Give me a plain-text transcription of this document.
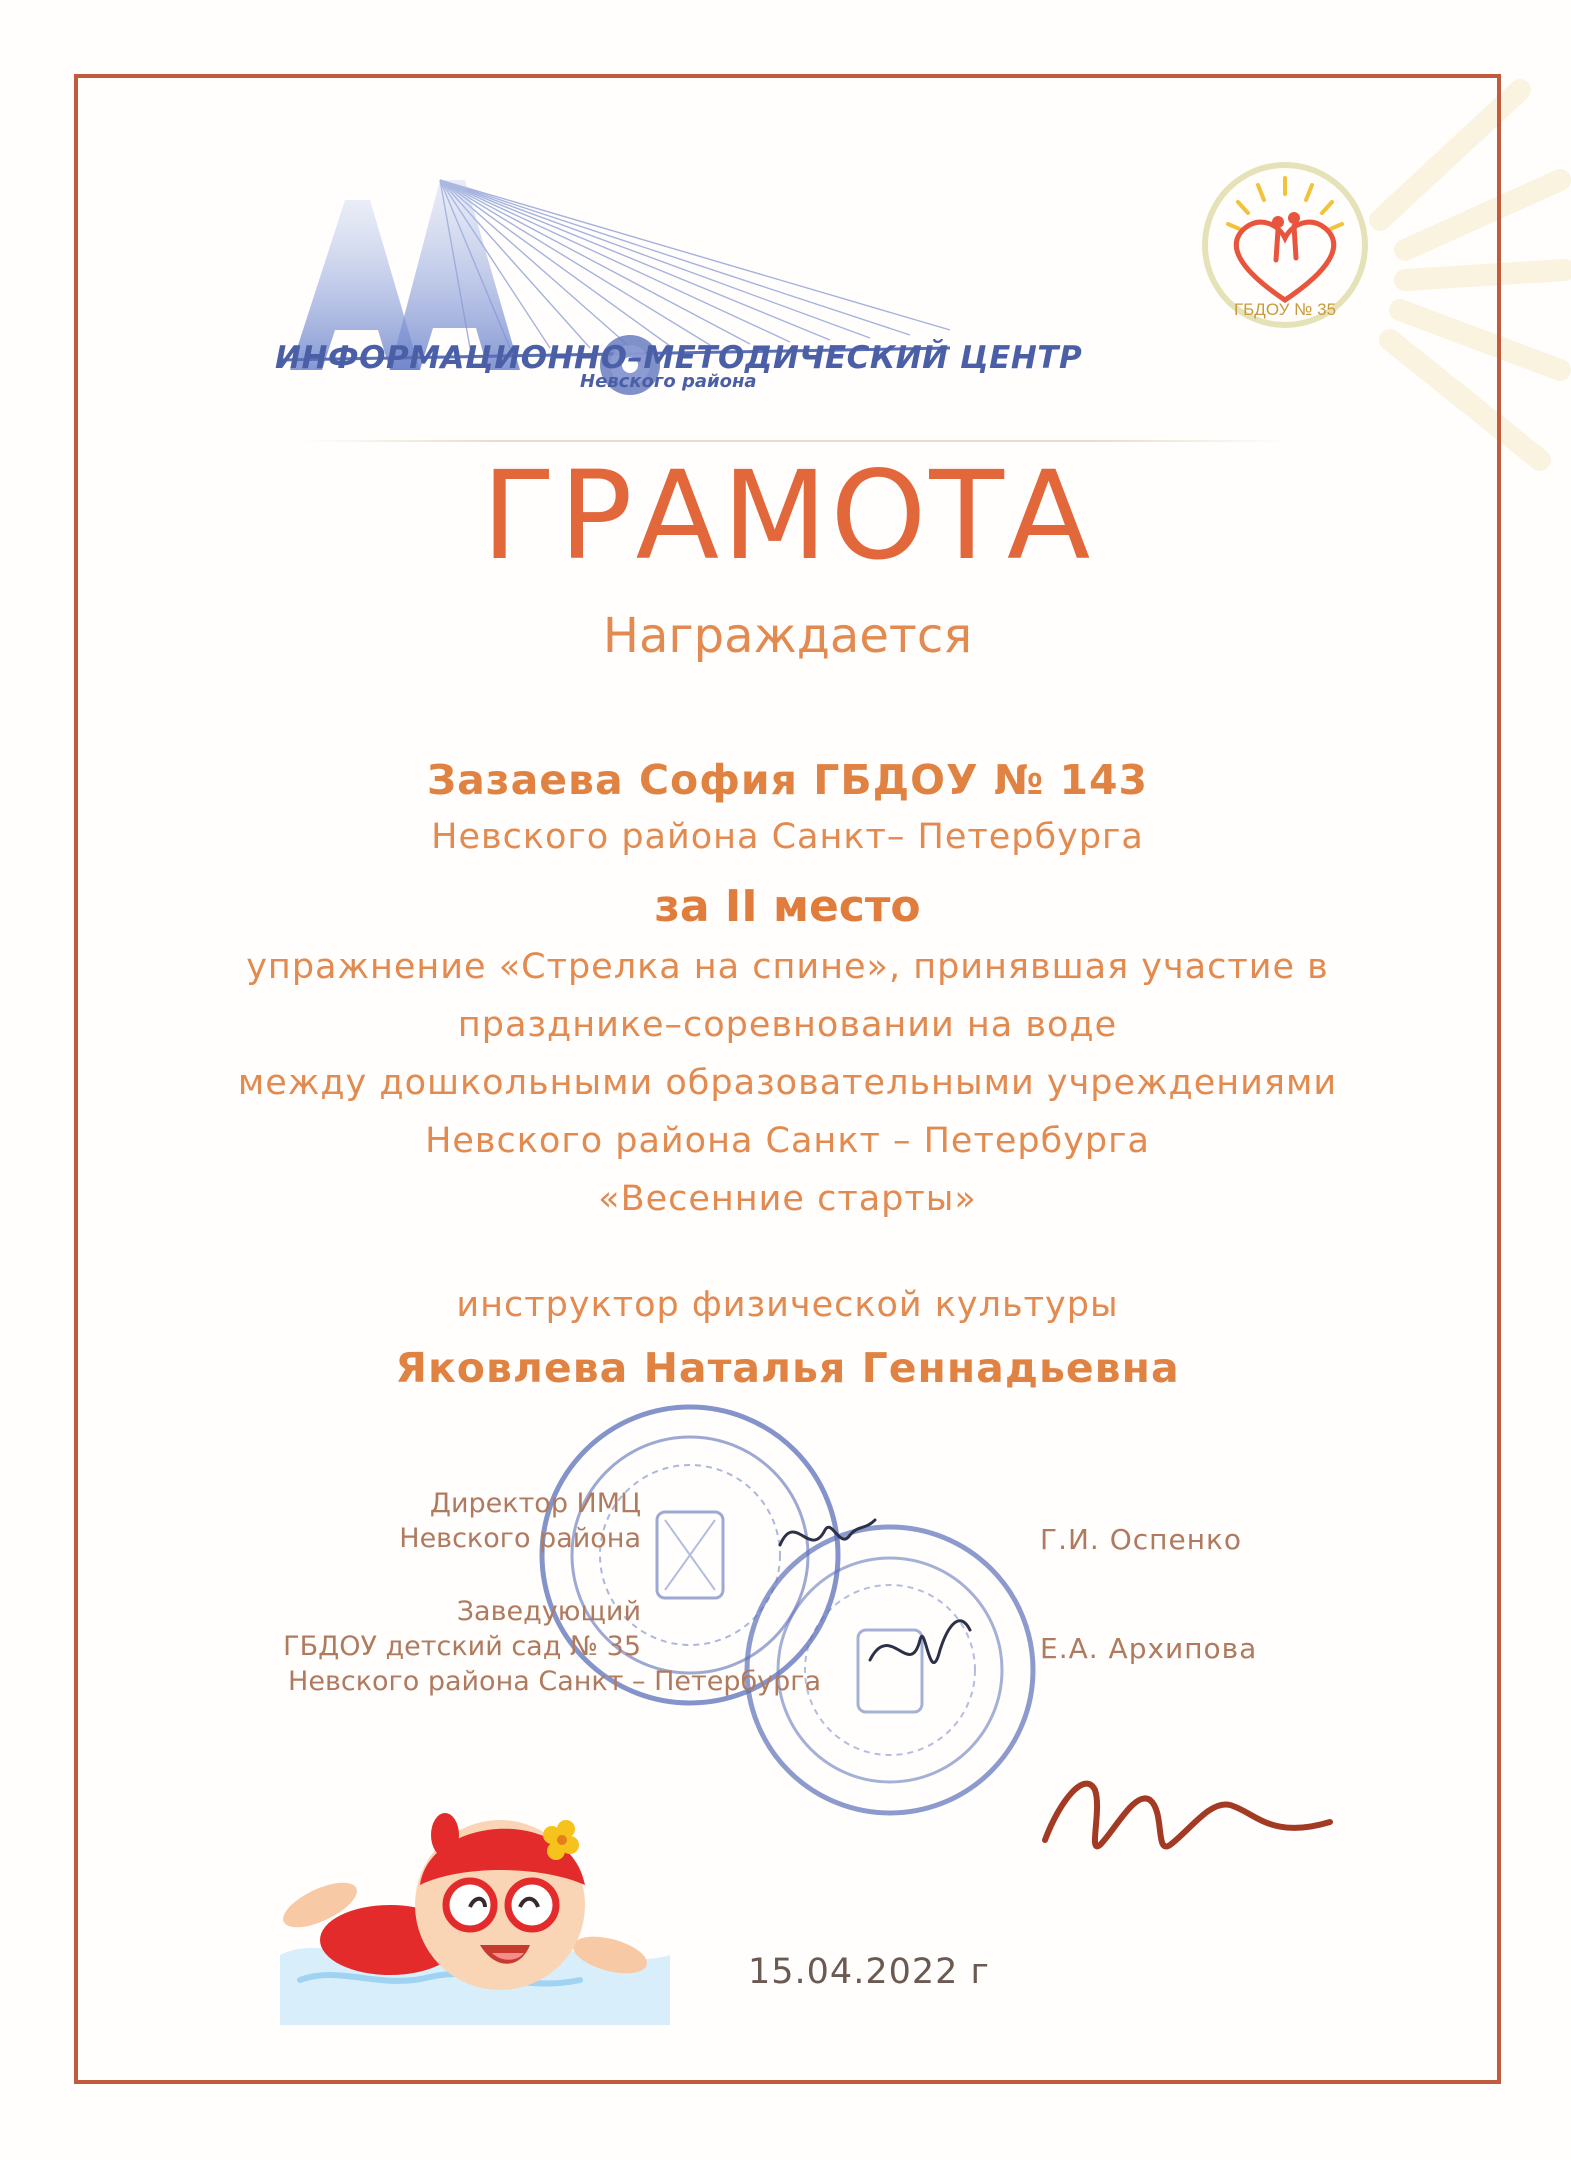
ИНФОРМАЦИОННО–МЕТОДИЧЕСКИЙ ЦЕНТР
Невского района
ГБДОУ № 35
ГРАМОТА
Награждается
Зазаева София ГБДОУ № 143
Невского района Санкт– Петербурга
за II место
упражнение «Стрелка на спине», принявшая участие в
празднике–соревновании на воде
между дошкольными образовательными учреждениями
Невского района Санкт – Петербурга
«Весенние старты»
инструктор физической культуры
Яковлева Наталья Геннадьевна
Директор ИМЦ
Невского района	Г.И. Оспенко
Заведующий
ГБДОУ детский сад № 35
Невского района Санкт – Петербурга
Е.А. Архипова
15.04.2022 г
